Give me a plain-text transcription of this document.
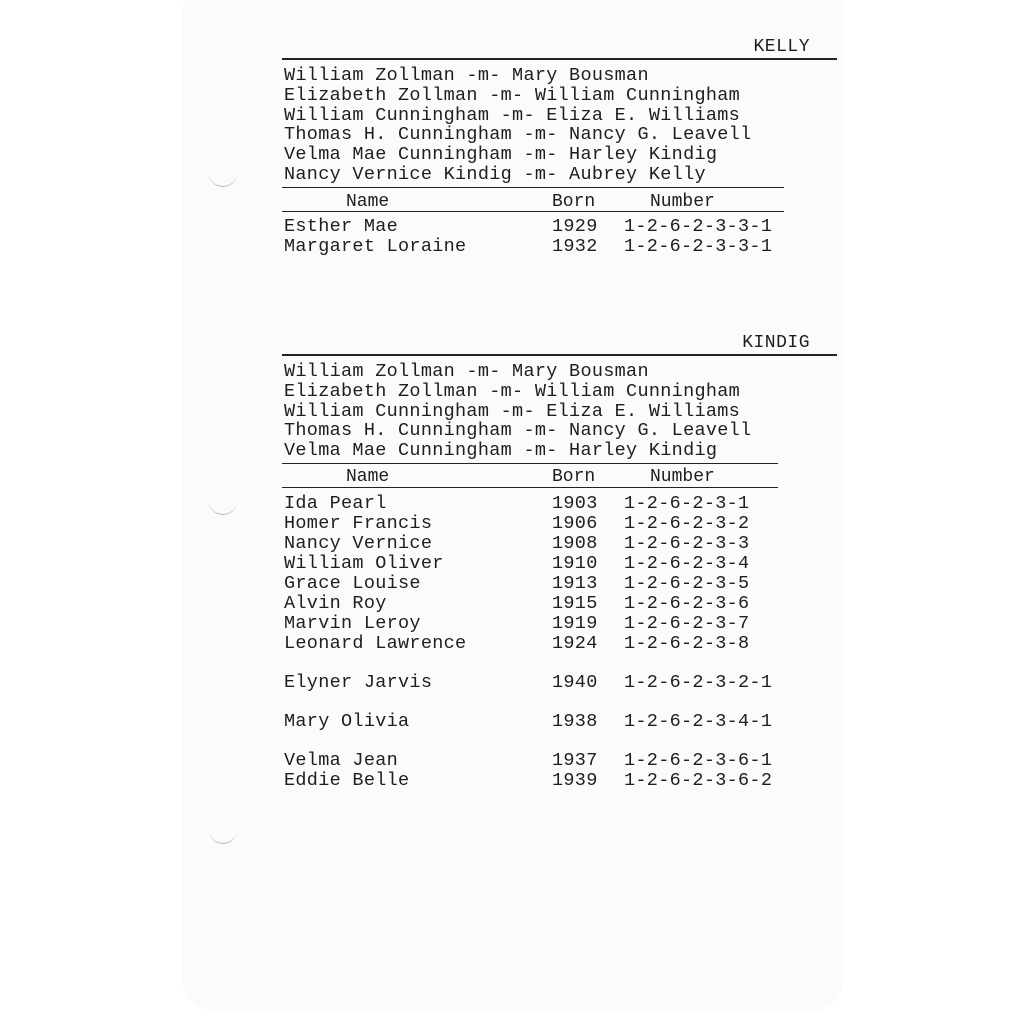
KELLY
William Zollman -m- Mary Bousman
Elizabeth Zollman -m- William Cunningham
William Cunningham -m- Eliza E. Williams
Thomas H. Cunningham -m- Nancy G. Leavell
Velma Mae Cunningham -m- Harley Kindig
Nancy Vernice Kindig -m- Aubrey Kelly
Name	Born	Number
Esther Mae	1929 1-2-6-2-3-3-1
Margaret Loraine	1932 1-2-6-2-3-3-1
KINDIG
William Zollman -m- Mary Bousman
Elizabeth Zollman -m- William Cunningham
William Cunningham -m- Eliza E. Williams
Thomas H. Cunningham -m- Nancy G. Leavell
Velma Mae Cunningham -m- Harley Kindig
Name	Born	Number
Ida Pearl	1903 1-2-6-2-3-1
Homer Francis	1906 1-2-6-2-3-2
Nancy Vernice	1908 1-2-6-2-3-3
William Oliver	1910 1-2-6-2-3-4
Grace Louise	1913 1-2-6-2-3-5
Alvin Roy	1915 1-2-6-2-3-6
Marvin Leroy	1919 1-2-6-2-3-7
Leonard Lawrence	1924 1-2-6-2-3-8
Elyner Jarvis	1940 1-2-6-2-3-2-1
Mary Olivia	1938 1-2-6-2-3-4-1
Velma Jean	1937 1-2-6-2-3-6-1
Eddie Belle	1939 1-2-6-2-3-6-2
